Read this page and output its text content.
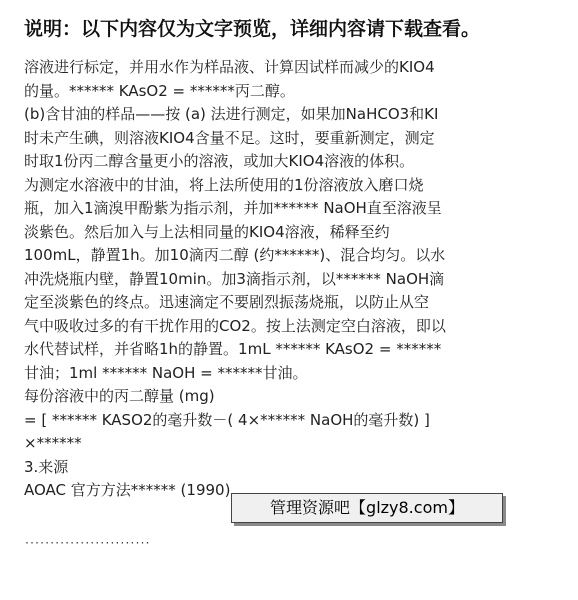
说明：以下内容仅为文字预览，详细内容请下载查看。
溶液进行标定，并用水作为样品液、计算因试样而减少的KIO4
的量。****** KAsO2 = ******丙二醇。
(b)含甘油的样品——按 (a) 法进行测定，如果加NaHCO3和KI
时未产生碘，则溶液KIO4含量不足。这时，要重新测定，测定
时取1份丙二醇含量更小的溶液，或加大KIO4溶液的体积。
为测定水溶液中的甘油，将上法所使用的1份溶液放入磨口烧
瓶，加入1滴溴甲酚紫为指示剂，并加****** NaOH直至溶液呈
淡紫色。然后加入与上法相同量的KIO4溶液，稀释至约
100mL，静置1h。加10滴丙二醇 (约******)、混合均匀。以水
冲洗烧瓶内壁，静置10min。加3滴指示剂，以****** NaOH滴
定至淡紫色的终点。迅速滴定不要剧烈振荡烧瓶，以防止从空
气中吸收过多的有干扰作用的CO2。按上法测定空白溶液，即以
水代替试样，并省略1h的静置。1mL ****** KAsO2 = ******
甘油；1ml ****** NaOH = ******甘油。
每份溶液中的丙二醇量 (mg)
= [ ****** KASO2的毫升数－( 4×****** NaOH的毫升数) ]
×******
3.来源
AOAC 官方方法****** (1990)
·························
管理资源吧【glzy8.com】
